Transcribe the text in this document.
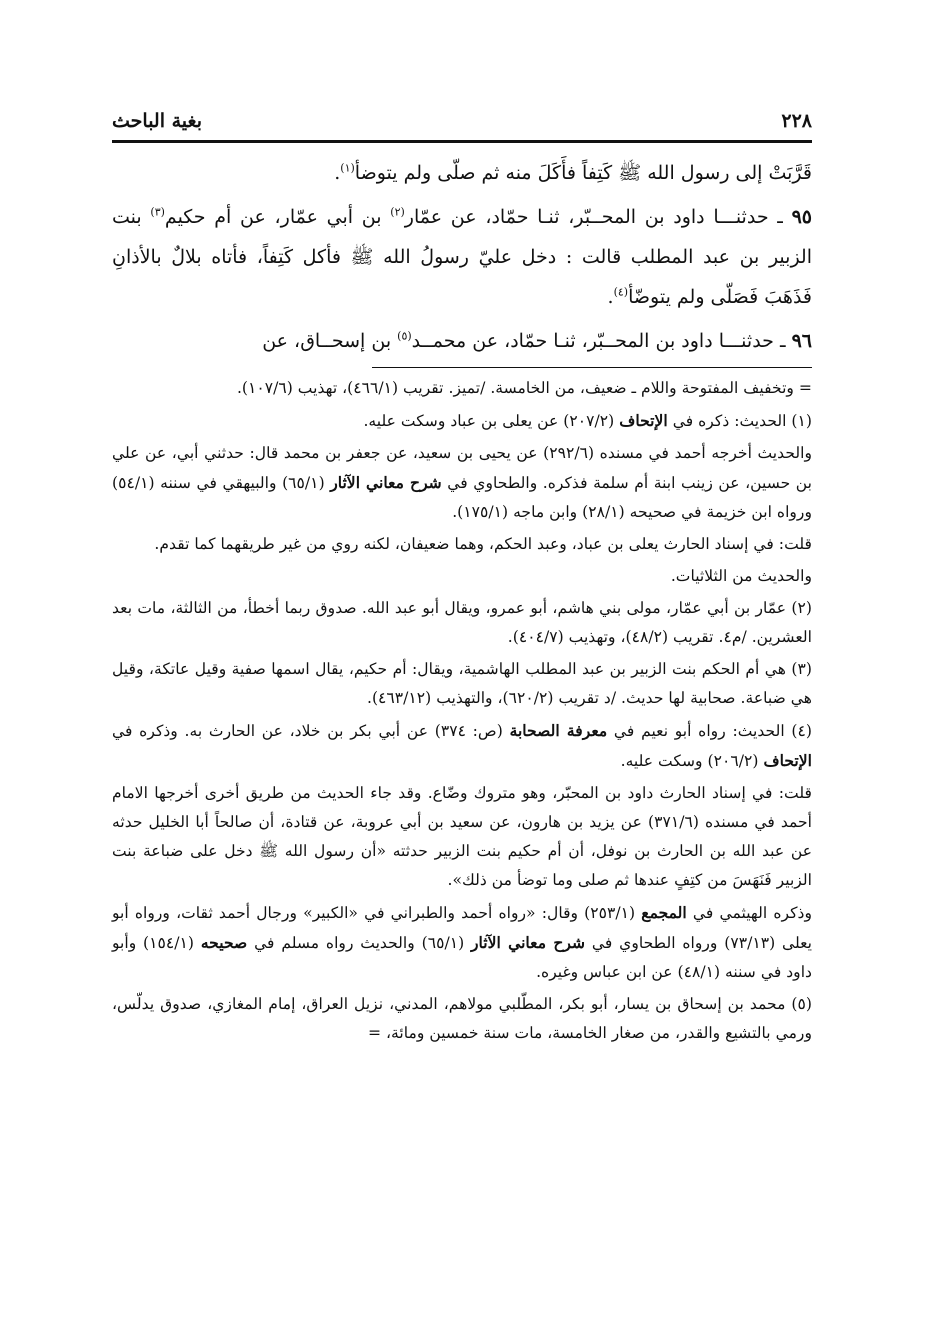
٢٢٨
بغية الباحث

قَرَّبَتْ إلى رسول الله ﷺ كَتِفاً فأَكَلَ منه ثم صلّى ولم يتوضأ$^{(١)}$.

٩٥ ـ حدثنـــا داود بن المحــبّر، ثنـا حمّاد، عن عمّار$^{(٢)}$ بن أبي عمّار، عن أم حكيم$^{(٣)}$ بنت الزبير بن عبد المطلب قالت : دخل عليّ رسولُ الله ﷺ فأكل كَتِفاً، فأتاه بلالٌ بالأذانِ فَذَهَبَ فَصَلّى ولم يتوضّأ$^{(٤)}$.

٩٦ ـ حدثنـــا داود بن المحــبّر، ثنـا حمّاد، عن محمــد$^{(٥)}$ بن إسحــاق، عن

= وتخفيف المفتوحة واللام ـ ضعيف، من الخامسة. /تميز. تقريب (٤٦٦/١)، تهذيب (١٠٧/٦).

(١) الحديث: ذكره في الإتحاف (٢٠٧/٢) عن يعلى بن عباد وسكت عليه.

والحديث أخرجه أحمد في مسنده (٢٩٢/٦) عن يحيى بن سعيد، عن جعفر بن محمد قال: حدثني أبي، عن علي بن حسين، عن زينب ابنة أم سلمة فذكره. والطحاوي في شرح معاني الآثار (٦٥/١) والبيهقي في سننه (٥٤/١) ورواه ابن خزيمة في صحيحه (٢٨/١) وابن ماجه (١٧٥/١).

قلت: في إسناد الحارث يعلى بن عباد، وعبد الحكم، وهما ضعيفان، لكنه روي من غير طريقهما كما تقدم.

والحديث من الثلاثيات.

(٢) عمّار بن أبي عمّار، مولى بني هاشم، أبو عمرو، ويقال أبو عبد الله. صدوق ربما أخطأ، من الثالثة، مات بعد العشرين. /م٤. تقريب (٤٨/٢)، وتهذيب (٤٠٤/٧).

(٣) هي أم الحكم بنت الزبير بن عبد المطلب الهاشمية، ويقال: أم حكيم، يقال اسمها صفية وقيل عاتكة، وقيل هي ضباعة. صحابية لها حديث. /د تقريب (٦٢٠/٢)، والتهذيب (٤٦٣/١٢).

(٤) الحديث: رواه أبو نعيم في معرفة الصحابة (ص: ٣٧٤) عن أبي بكر بن خلاد، عن الحارث به. وذكره في الإتحاف (٢٠٦/٢) وسكت عليه.

قلت: في إسناد الحارث داود بن المحبّر، وهو متروك وضّاع. وقد جاء الحديث من طريق أخرى أخرجها الامام أحمد في مسنده (٣٧١/٦) عن يزيد بن هارون، عن سعيد بن أبي عروبة، عن قتادة، أن صالحاً أبا الخليل حدثه عن عبد الله بن الحارث بن نوفل، أن أم حكيم بنت الزبير حدثته «أن رسول الله ﷺ دخل على ضباعة بنت الزبير فَنَهَسَ من كتِفٍ عندها ثم صلى وما توضأ من ذلك».

وذكره الهيثمي في المجمع (٢٥٣/١) وقال: «رواه أحمد والطبراني في «الكبير» ورجال أحمد ثقات، ورواه أبو يعلى (٧٣/١٣) ورواه الطحاوي في شرح معاني الآثار (٦٥/١) والحديث رواه مسلم في صحيحه (١٥٤/١) وأبو داود في سننه (٤٨/١) عن ابن عباس وغيره.

(٥) محمد بن إسحاق بن يسار، أبو بكر، المطّلبي مولاهم، المدني، نزيل العراق، إمام المغازي، صدوق يدلّس، ورمي بالتشيع والقدر، من صغار الخامسة، مات سنة خمسين ومائة، =
